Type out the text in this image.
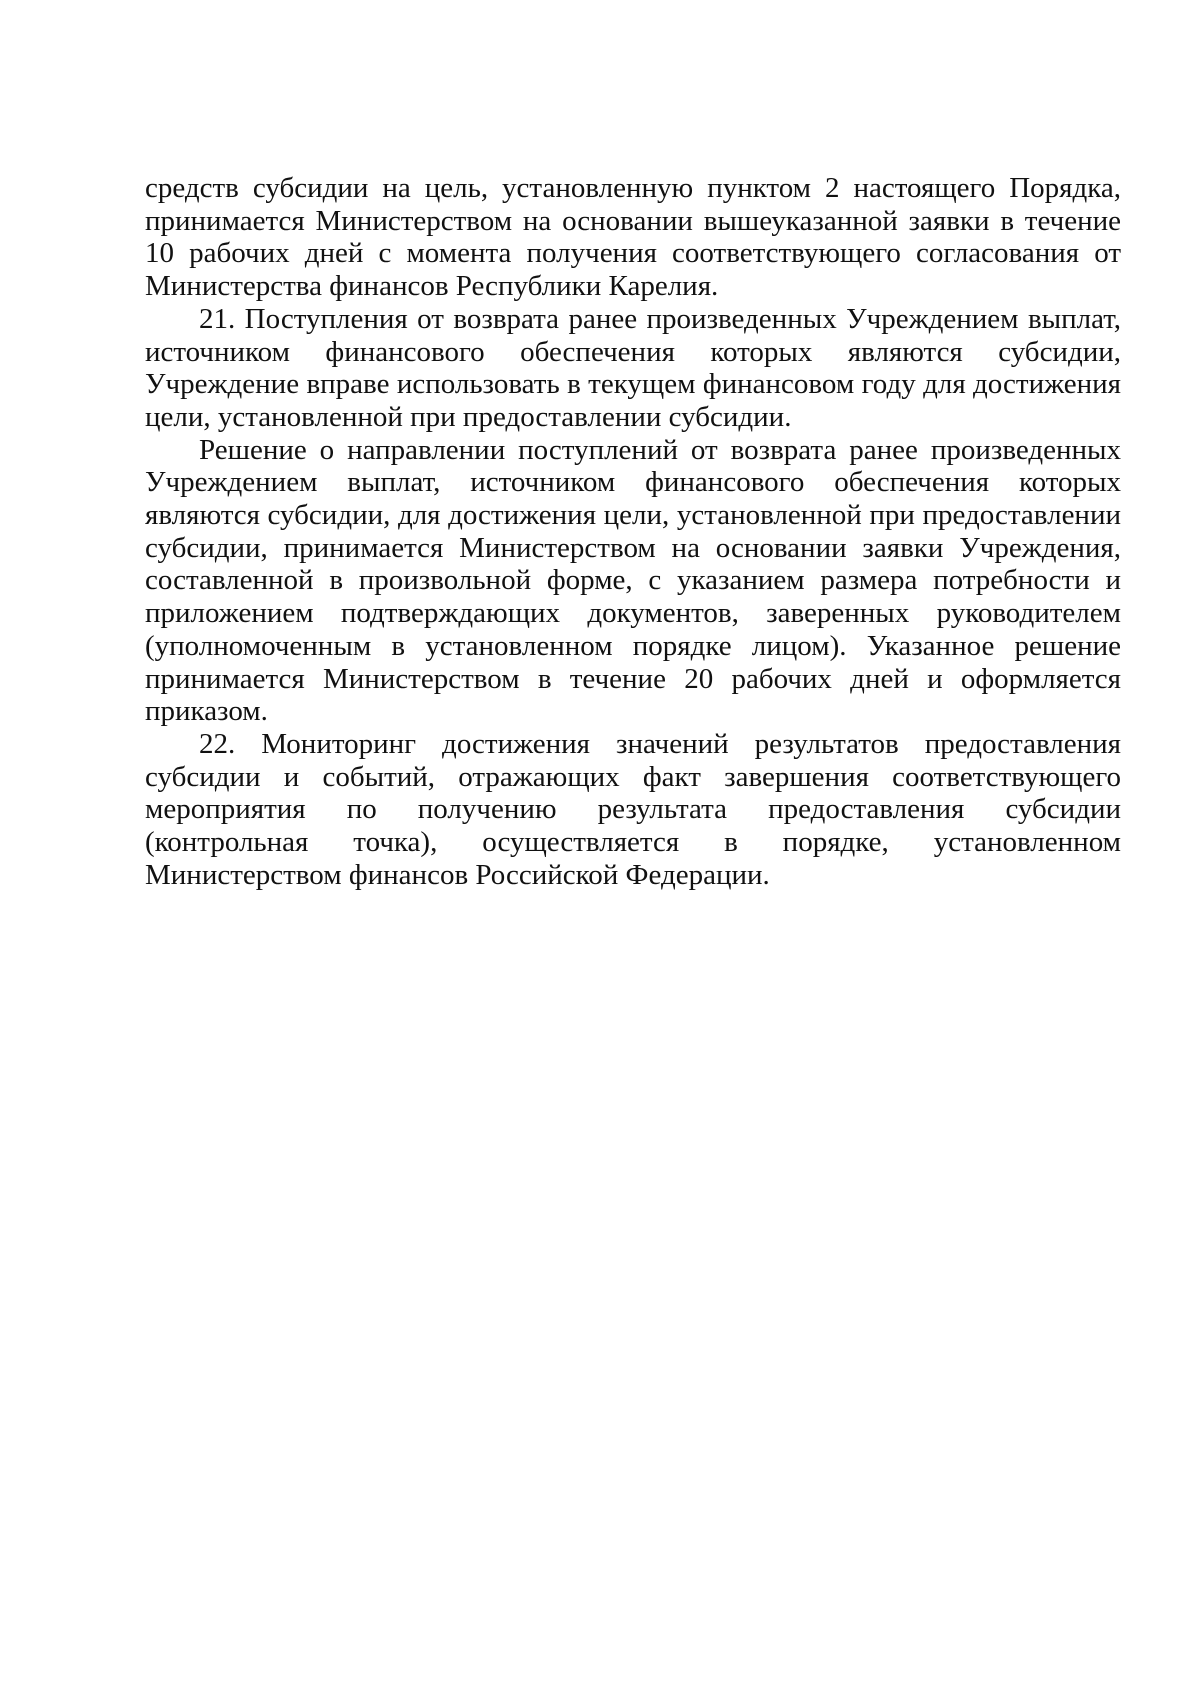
средств субсидии на цель, установленную пунктом 2 настоящего Порядка, принимается Министерством на основании вышеуказанной заявки в течение 10 рабочих дней с момента получения соответствующего согласования от Министерства финансов Республики Карелия.

21. Поступления от возврата ранее произведенных Учреждением выплат, источником финансового обеспечения которых являются субсидии, Учреждение вправе использовать в текущем финансовом году для достижения цели, установленной при предоставлении субсидии.

Решение о направлении поступлений от возврата ранее произведенных Учреждением выплат, источником финансового обеспечения которых являются субсидии, для достижения цели, установленной при предоставлении субсидии, принимается Министерством на основании заявки Учреждения, составленной в произвольной форме, с указанием размера потребности и приложением подтверждающих документов, заверенных руководителем (уполномоченным в установленном порядке лицом). Указанное решение принимается Министерством в течение 20 рабочих дней и оформляется приказом.

22. Мониторинг достижения значений результатов предоставления субсидии и событий, отражающих факт завершения соответствующего мероприятия по получению результата предоставления субсидии (контрольная точка), осуществляется в порядке, установленном Министерством финансов Российской Федерации.
